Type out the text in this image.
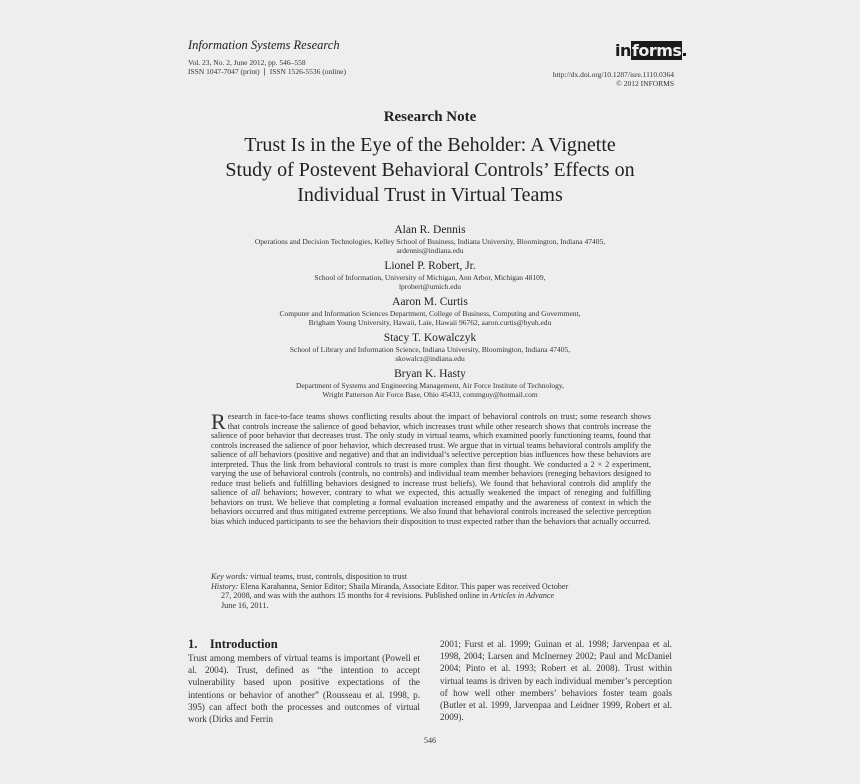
Information Systems Research
Vol. 23, No. 2, June 2012, pp. 546–558
ISSN 1047-7047 (print) ❘ ISSN 1526-5536 (online)
informs
http://dx.doi.org/10.1287/isre.1110.0364
© 2012 INFORMS
Research Note
Trust Is in the Eye of the Beholder: A Vignette
Study of Postevent Behavioral Controls’ Effects on
Individual Trust in Virtual Teams
Alan R. Dennis
Operations and Decision Technologies, Kelley School of Business, Indiana University, Bloomington, Indiana 47405,
ardennis@indiana.edu
Lionel P. Robert, Jr.
School of Information, University of Michigan, Ann Arbor, Michigan 48109,
lprobert@umich.edu
Aaron M. Curtis
Computer and Information Sciences Department, College of Business, Computing and Government,
Brigham Young University, Hawaii, Laie, Hawaii 96762, aaron.curtis@byuh.edu
Stacy T. Kowalczyk
School of Library and Information Science, Indiana University, Bloomington, Indiana 47405,
skowalcz@indiana.edu
Bryan K. Hasty
Department of Systems and Engineering Management, Air Force Institute of Technology,
Wright Patterson Air Force Base, Ohio 45433, commguy@hotmail.com
Research in face-to-face teams shows conflicting results about the impact of behavioral controls on trust; some research shows that controls increase the salience of good behavior, which increases trust while other research shows that controls increase the salience of poor behavior that decreases trust. The only study in virtual teams, which examined poorly functioning teams, found that controls increased the salience of poor behavior, which decreased trust. We argue that in virtual teams behavioral controls amplify the salience of all behaviors (positive and negative) and that an individual’s selective perception bias influences how these behaviors are interpreted. Thus the link from behavioral controls to trust is more complex than first thought. We conducted a 2 × 2 experiment, varying the use of behavioral controls (controls, no controls) and individual team member behaviors (reneging behaviors designed to reduce trust beliefs and fulfilling behaviors designed to increase trust beliefs). We found that behavioral controls did amplify the salience of all behaviors; however, contrary to what we expected, this actually weakened the impact of reneging and fulfilling behaviors on trust. We believe that completing a formal evaluation increased empathy and the awareness of context in which the behaviors occurred and thus mitigated extreme perceptions. We also found that behavioral controls increased the selective perception bias which induced participants to see the behaviors their disposition to trust expected rather than the behaviors that actually occurred.
Key words: virtual teams, trust, controls, disposition to trust
History: Elena Karahanna, Senior Editor; Shaila Miranda, Associate Editor. This paper was received October
27, 2008, and was with the authors 15 months for 4 revisions. Published online in Articles in Advance
June 16, 2011.
1. Introduction
Trust among members of virtual teams is important (Powell et al. 2004). Trust, defined as “the intention to accept vulnerability based upon positive expectations of the intentions or behavior of another” (Rousseau et al. 1998, p. 395) can affect both the processes and outcomes of virtual work (Dirks and Ferrin
2001; Furst et al. 1999; Guinan et al. 1998; Jarvenpaa et al. 1998, 2004; Larsen and McInerney 2002; Paul and McDaniel 2004; Pinto et al. 1993; Robert et al. 2008). Trust within virtual teams is driven by each individual member’s perception of how well other members’ behaviors foster team goals (Butler et al. 1999, Jarvenpaa and Leidner 1999, Robert et al. 2009).
546
